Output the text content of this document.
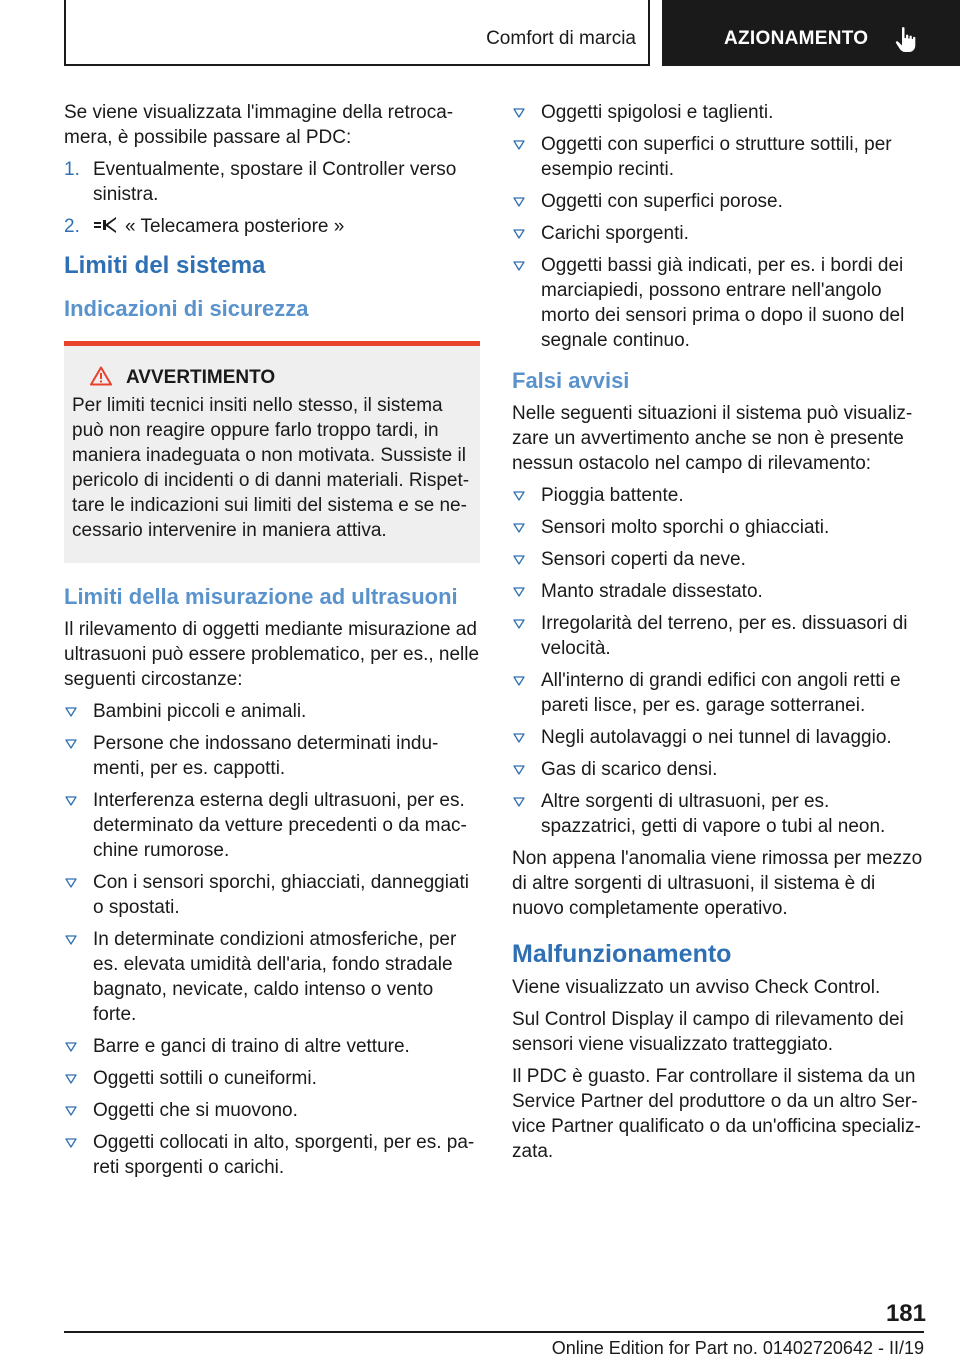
Comfort di marcia	AZIONAMENTO

Se viene visualizzata l'immagine della retroca-mera, è possibile passare al PDC:

1. Eventualmente, spostare il Controller verso sinistra.
2. « Telecamera posteriore »
Limiti del sistema
Indicazioni di sicurezza
AVVERTIMENTO

Per limiti tecnici insiti nello stesso, il sistema può non reagire oppure farlo troppo tardi, in maniera inadeguata o non motivata. Sussiste il pericolo di incidenti o di danni materiali. Rispet-tare le indicazioni sui limiti del sistema e se ne-cessario intervenire in maniera attiva.

Limiti della misurazione ad ultrasuoni

Il rilevamento di oggetti mediante misurazione ad ultrasuoni può essere problematico, per es., nelle seguenti circostanze:

Bambini piccoli e animali.
Persone che indossano determinati indu-menti, per es. cappotti.
Interferenza esterna degli ultrasuoni, per es. determinato da vetture precedenti o da mac-chine rumorose.
Con i sensori sporchi, ghiacciati, danneggiati o spostati.
In determinate condizioni atmosferiche, per es. elevata umidità dell'aria, fondo stradale bagnato, nevicate, caldo intenso o vento forte.
Barre e ganci di traino di altre vetture.
Oggetti sottili o cuneiformi.
Oggetti che si muovono.
Oggetti collocati in alto, sporgenti, per es. pa-reti sporgenti o carichi.
Oggetti spigolosi e taglienti.
Oggetti con superfici o strutture sottili, per esempio recinti.
Oggetti con superfici porose.
Carichi sporgenti.
Oggetti bassi già indicati, per es. i bordi dei marciapiedi, possono entrare nell'angolo morto dei sensori prima o dopo il suono del segnale continuo.
Falsi avvisi

Nelle seguenti situazioni il sistema può visualiz-zare un avvertimento anche se non è presente nessun ostacolo nel campo di rilevamento:

Pioggia battente.
Sensori molto sporchi o ghiacciati.
Sensori coperti da neve.
Manto stradale dissestato.
Irregolarità del terreno, per es. dissuasori di velocità.
All'interno di grandi edifici con angoli retti e pareti lisce, per es. garage sotterranei.
Negli autolavaggi o nei tunnel di lavaggio.
Gas di scarico densi.
Altre sorgenti di ultrasuoni, per es. spazzatrici, getti di vapore o tubi al neon.

Non appena l'anomalia viene rimossa per mezzo di altre sorgenti di ultrasuoni, il sistema è di nuovo completamente operativo.

Malfunzionamento

Viene visualizzato un avviso Check Control.

Sul Control Display il campo di rilevamento dei sensori viene visualizzato tratteggiato.

Il PDC è guasto. Far controllare il sistema da un Service Partner del produttore o da un altro Ser-vice Partner qualificato o da un'officina specializ-zata.

181
Online Edition for Part no. 01402720642 - II/19
